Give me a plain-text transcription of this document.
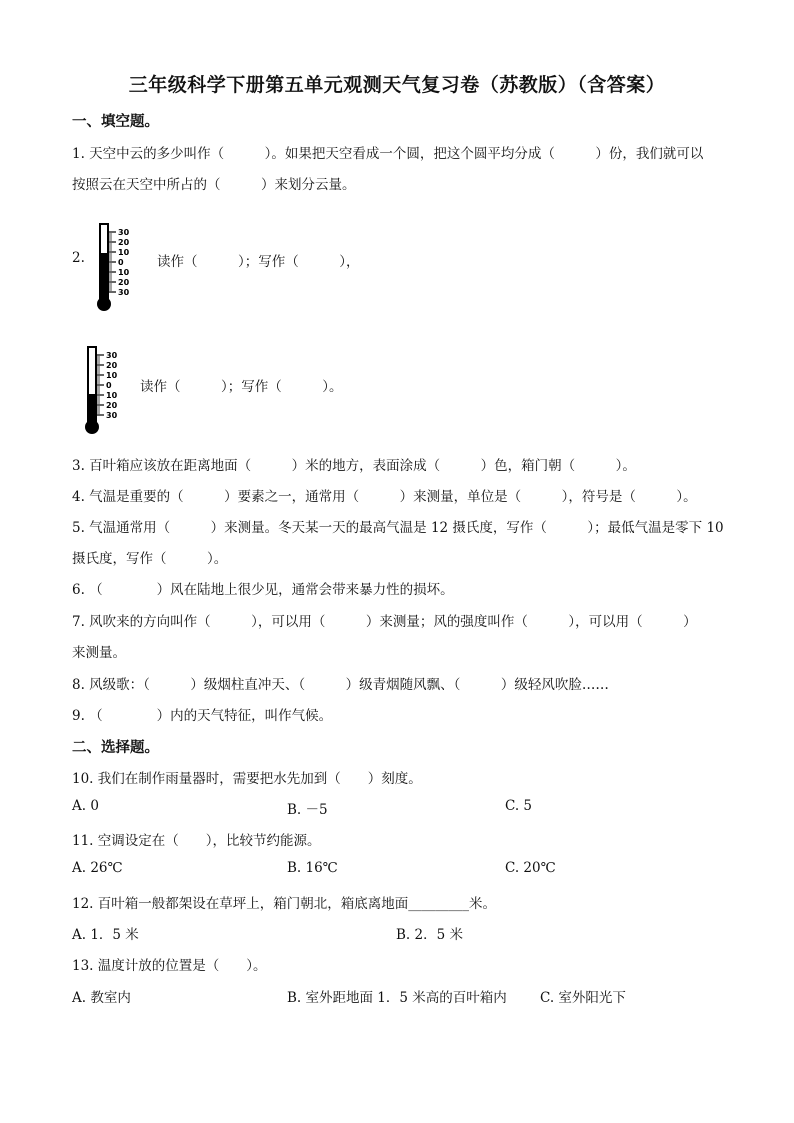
三年级科学下册第五单元观测天气复习卷（苏教版）（含答案）
一、填空题。
1. 天空中云的多少叫作（　　　）。如果把天空看成一个圆，把这个圆平均分成（　　　）份，我们就可以
按照云在天空中所占的（　　　）来划分云量。
2.
30
20
10
0
10
20
30
读作（　　　）；写作（　　　），
30
20
10
0
10
20
30
读作（　　　）；写作（　　　）。
3. 百叶箱应该放在距离地面（　　　）米的地方，表面涂成（　　　）色，箱门朝（　　　）。
4. 气温是重要的（　　　）要素之一，通常用（　　　）来测量，单位是（　　　），符号是（　　　）。
5. 气温通常用（　　　）来测量。冬天某一天的最高气温是 12 摄氏度，写作（　　　）；最低气温是零下 10
摄氏度，写作（　　　）。
6. （　　　　）风在陆地上很少见，通常会带来暴力性的损坏。
7. 风吹来的方向叫作（　　　），可以用（　　　）来测量；风的强度叫作（　　　），可以用（　　　）
来测量。
8. 风级歌：（　　　）级烟柱直冲天、（　　　）级青烟随风飘、（　　　）级轻风吹脸……
9. （　　　　）内的天气特征，叫作气候。
二、选择题。
10. 我们在制作雨量器时，需要把水先加到（　　）刻度。
A. 0	B. －5	C. 5
11. 空调设定在（　　），比较节约能源。
A. 26℃	B. 16℃	C. 20℃
12. 百叶箱一般都架设在草坪上，箱门朝北，箱底离地面_________米。
A. 1．5 米	B. 2．5 米
13. 温度计放的位置是（　　）。
A. 教室内	B. 室外距地面 1．5 米高的百叶箱内 C. 室外阳光下
